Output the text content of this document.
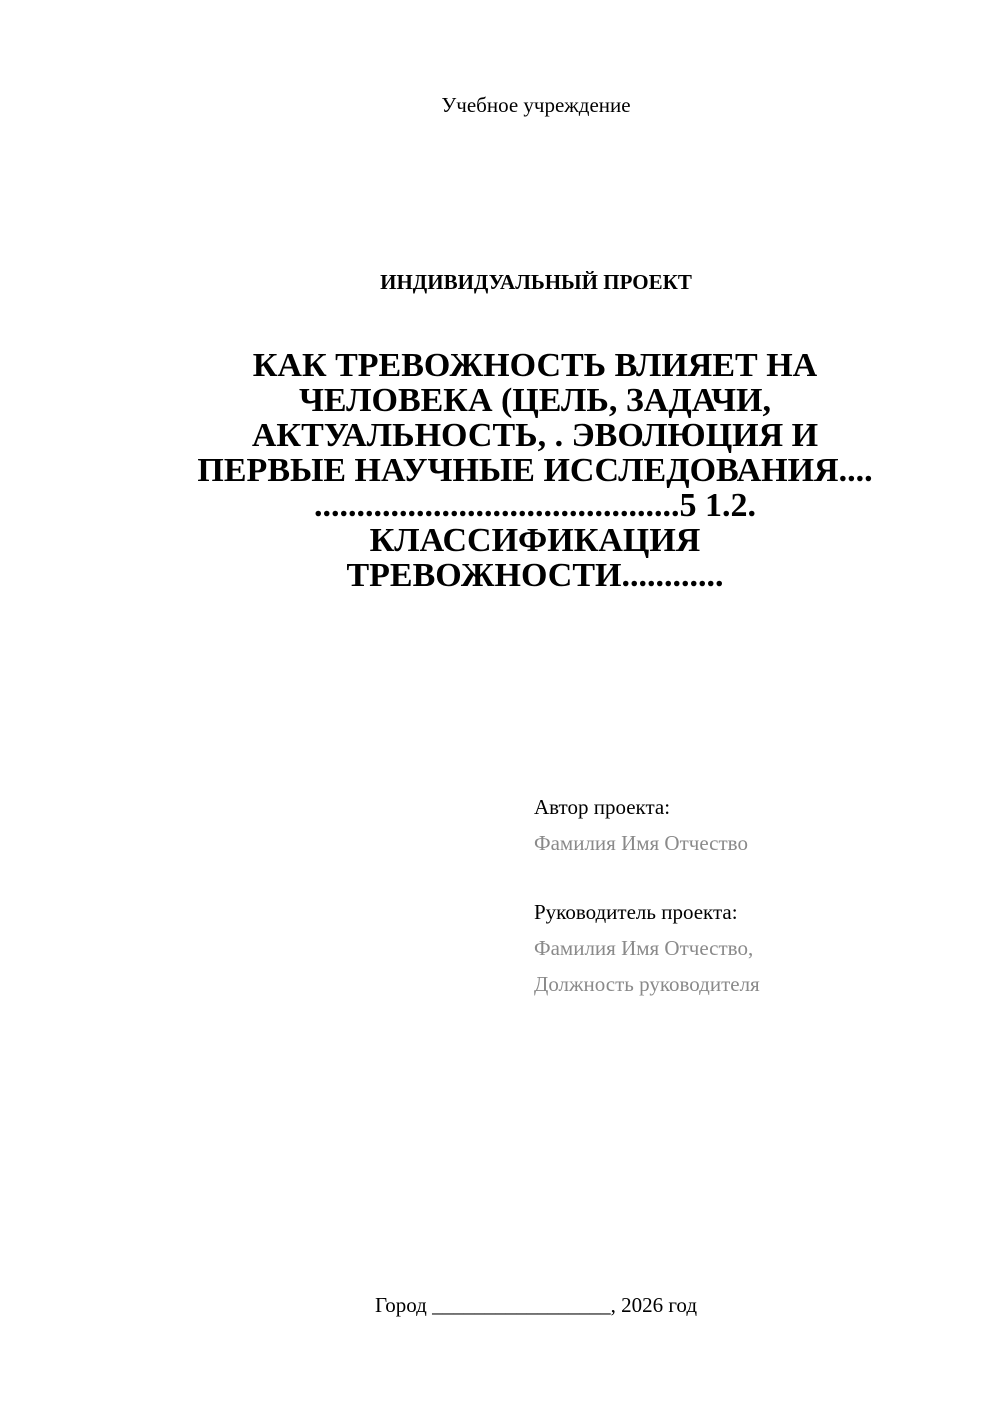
Учебное учреждение
ИНДИВИДУАЛЬНЫЙ ПРОЕКТ
КАК ТРЕВОЖНОСТЬ ВЛИЯЕТ НА
ЧЕЛОВЕКА (ЦЕЛЬ, ЗАДАЧИ,
АКТУАЛЬНОСТЬ, . ЭВОЛЮЦИЯ И
ПЕРВЫЕ НАУЧНЫЕ ИССЛЕДОВАНИЯ....
...........................................5 1.2.
КЛАССИФИКАЦИЯ
ТРЕВОЖНОСТИ............
Автор проекта:
Фамилия Имя Отчество
Руководитель проекта:
Фамилия Имя Отчество,
Должность руководителя
Город _________________, 2026 год
